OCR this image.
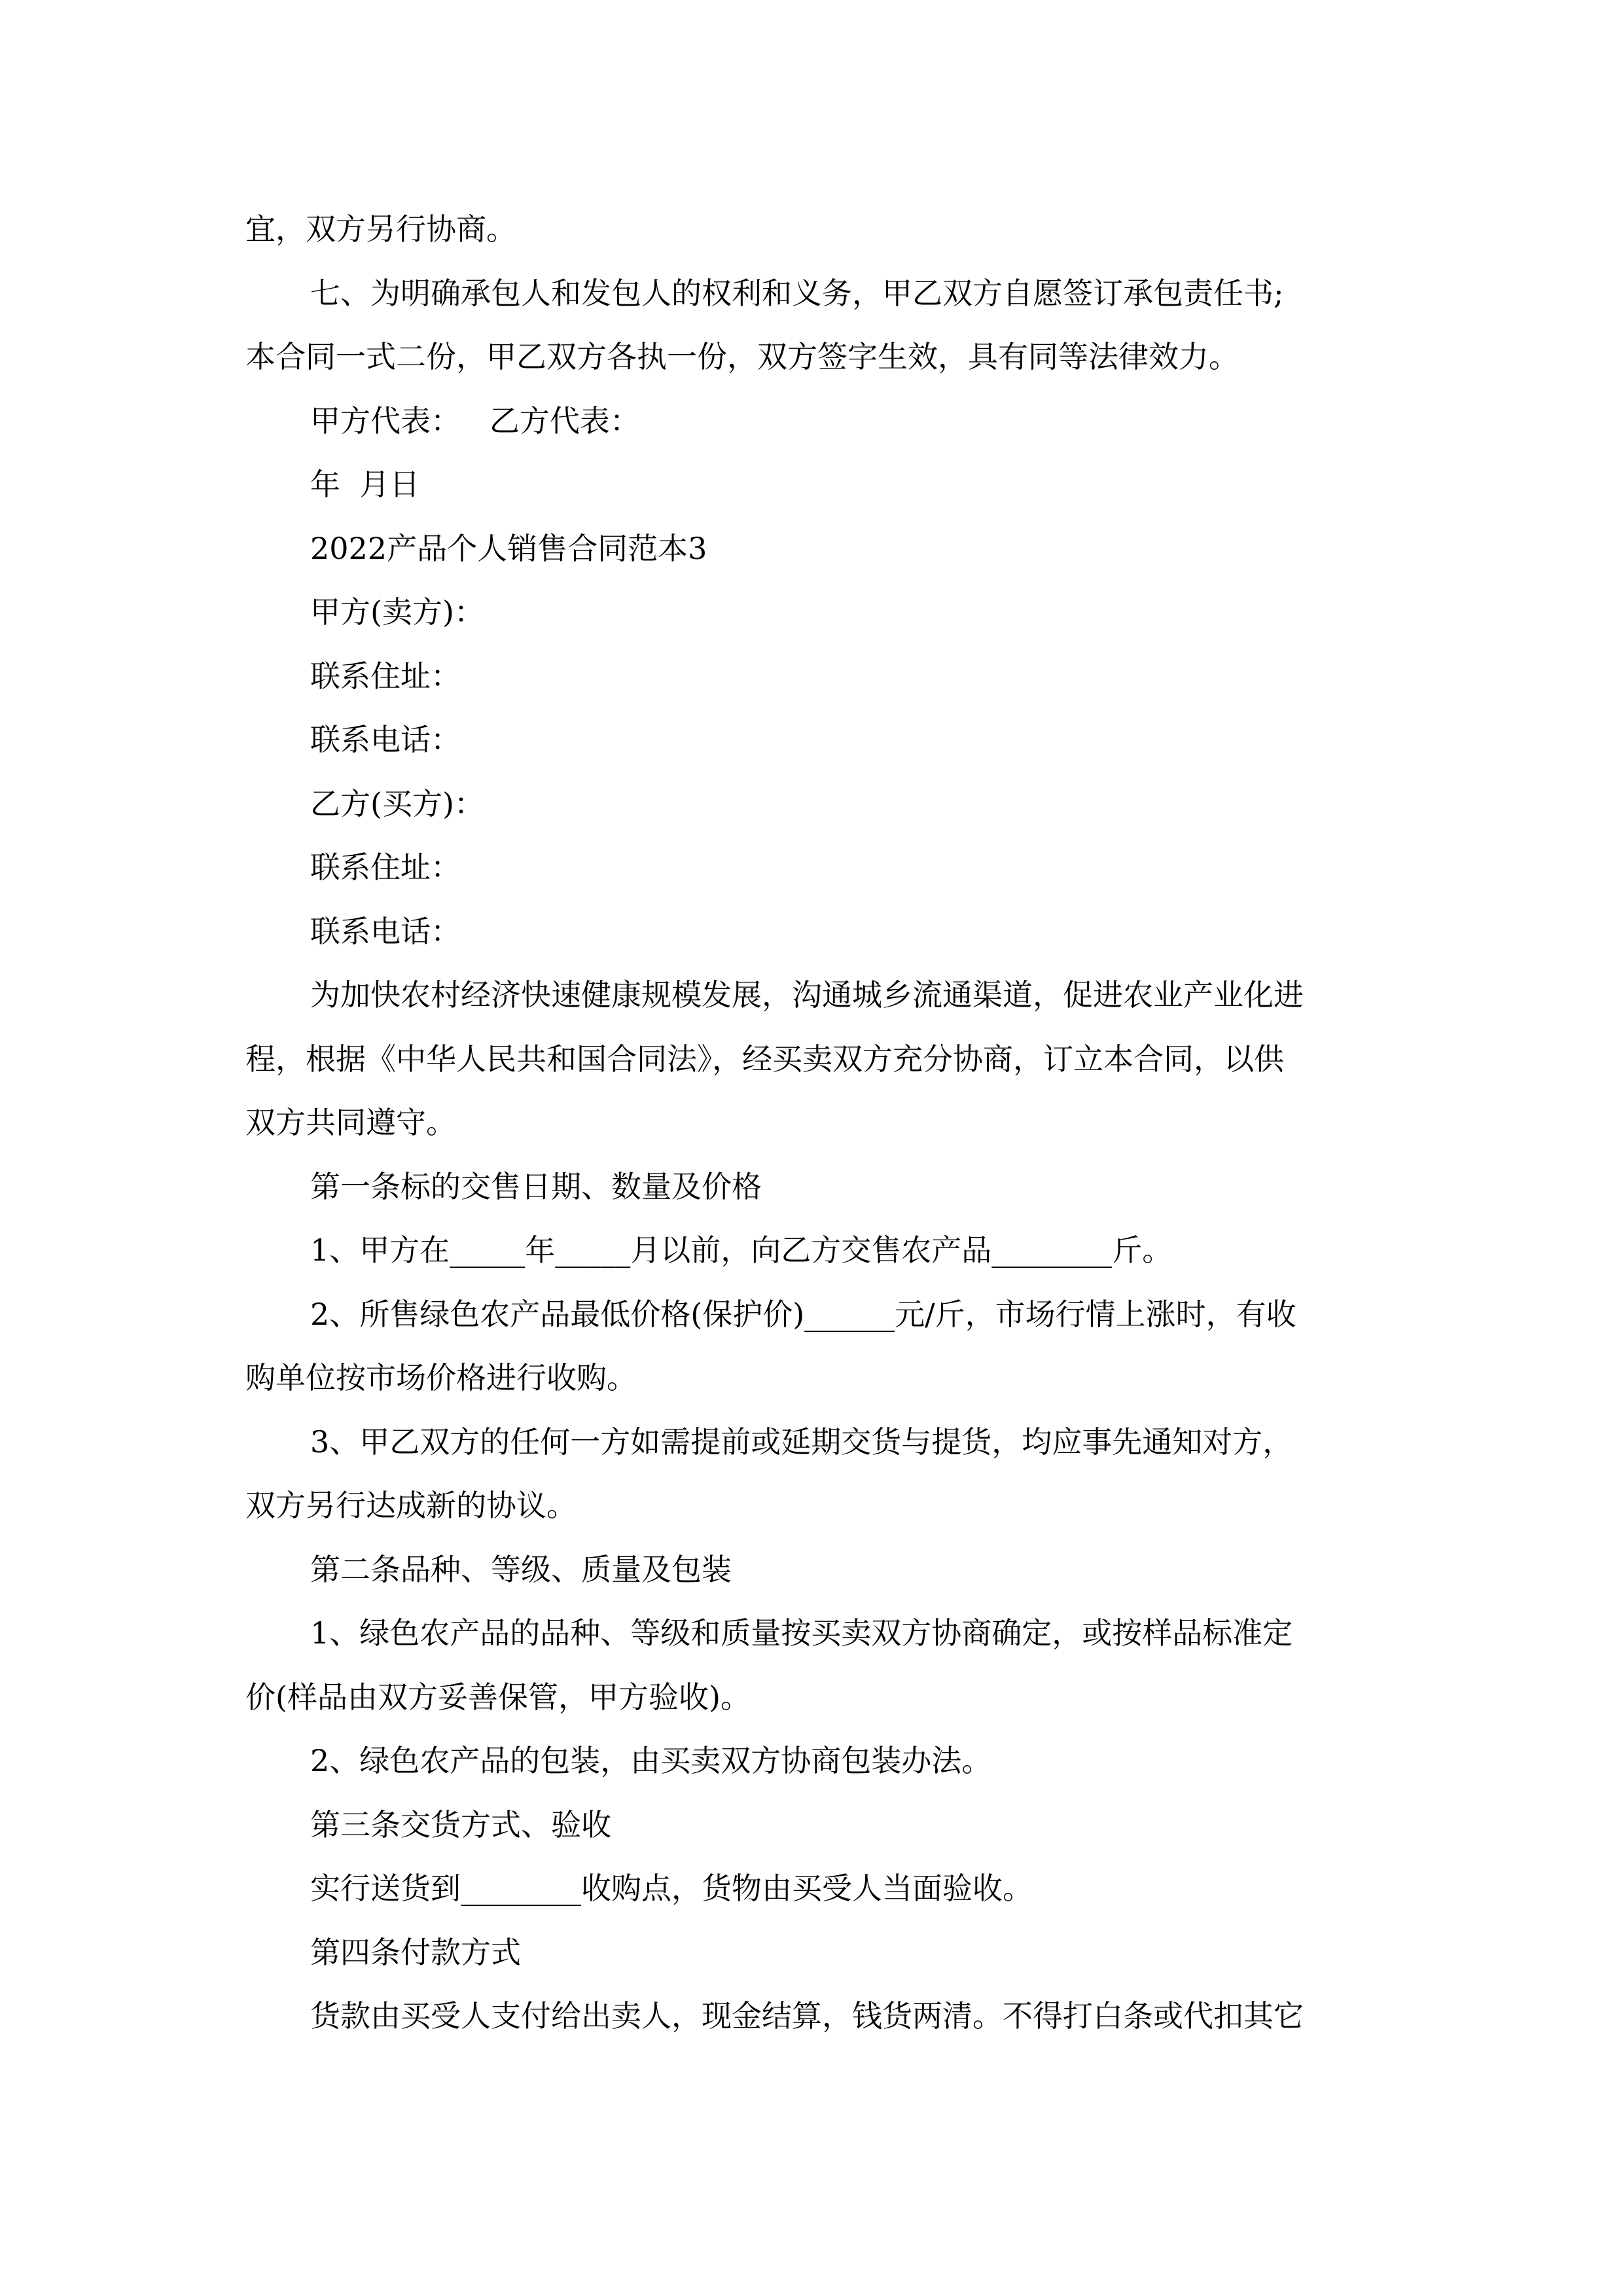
宜，双方另行协商。
七、为明确承包人和发包人的权利和义务，甲乙双方自愿签订承包责任书;
本合同一式二份，甲乙双方各执一份，双方签字生效，具有同等法律效力。
甲方代表：   乙方代表：
年  月日
2022产品个人销售合同范本3
甲方(卖方)：
联系住址：
联系电话：
乙方(买方)：
联系住址：
联系电话：
为加快农村经济快速健康规模发展，沟通城乡流通渠道，促进农业产业化进
程，根据《中华人民共和国合同法》，经买卖双方充分协商，订立本合同，以供
双方共同遵守。
第一条标的交售日期、数量及价格
1、甲方在_____年_____月以前，向乙方交售农产品________斤。
2、所售绿色农产品最低价格(保护价)______元/斤，市场行情上涨时，有收
购单位按市场价格进行收购。
3、甲乙双方的任何一方如需提前或延期交货与提货，均应事先通知对方，
双方另行达成新的协议。
第二条品种、等级、质量及包装
1、绿色农产品的品种、等级和质量按买卖双方协商确定，或按样品标准定
价(样品由双方妥善保管，甲方验收)。
2、绿色农产品的包装，由买卖双方协商包装办法。
第三条交货方式、验收
实行送货到________收购点，货物由买受人当面验收。
第四条付款方式
货款由买受人支付给出卖人，现金结算，钱货两清。不得打白条或代扣其它
